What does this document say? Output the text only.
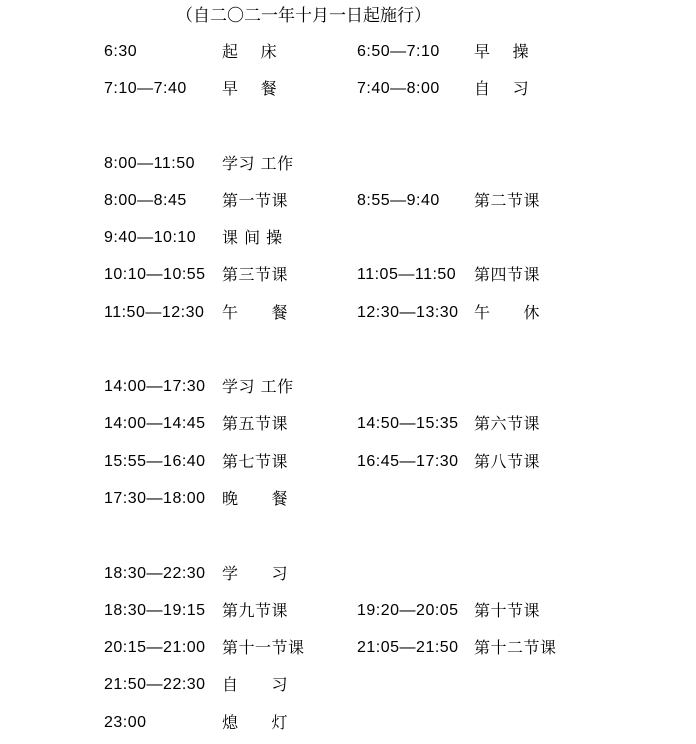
（自二〇二一年十月一日起施行）
6:30	起　 床	6:50—7:10 早　 操
7:10—7:40 早　 餐	7:40—8:00 自　 习
8:00—11:50 学习 工作
8:00—8:45 第一节课	8:55—9:40 第二节课
9:40—10:10 课 间 操
10:10—10:55 第三节课	11:05—11:50 第四节课
11:50—12:30 午　　餐	12:30—13:30 午　　休
14:00—17:30 学习 工作
14:00—14:45 第五节课	14:50—15:35 第六节课
15:55—16:40 第七节课	16:45—17:30 第八节课
17:30—18:00 晚　　餐
18:30—22:30 学　　习
18:30—19:15 第九节课	19:20—20:05 第十节课
20:15—21:00 第十一节课	21:05—21:50 第十二节课
21:50—22:30 自　　习
23:00	熄　　灯
